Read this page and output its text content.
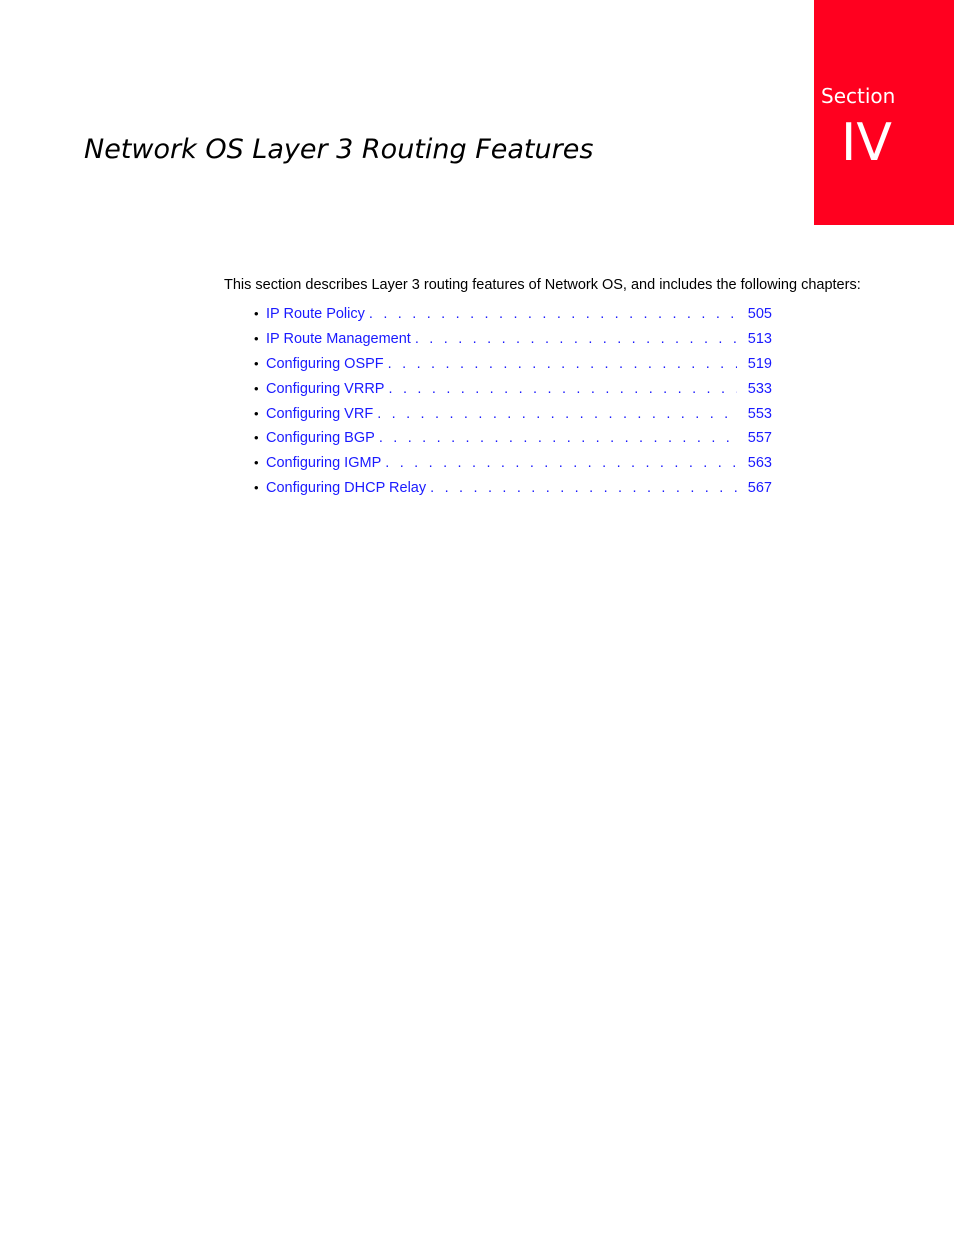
Section
IV
Network OS Layer 3 Routing Features

This section describes Layer 3 routing features of Network OS, and includes the following chapters:

• IP Route Policy . . .	505
• IP Route Management . . .	513
• Configuring OSPF . . .	519
• Configuring VRRP . . .	533
• Configuring VRF . . .	553
• Configuring BGP . . .	557
• Configuring IGMP . . .	563
• Configuring DHCP Relay . . .	567
